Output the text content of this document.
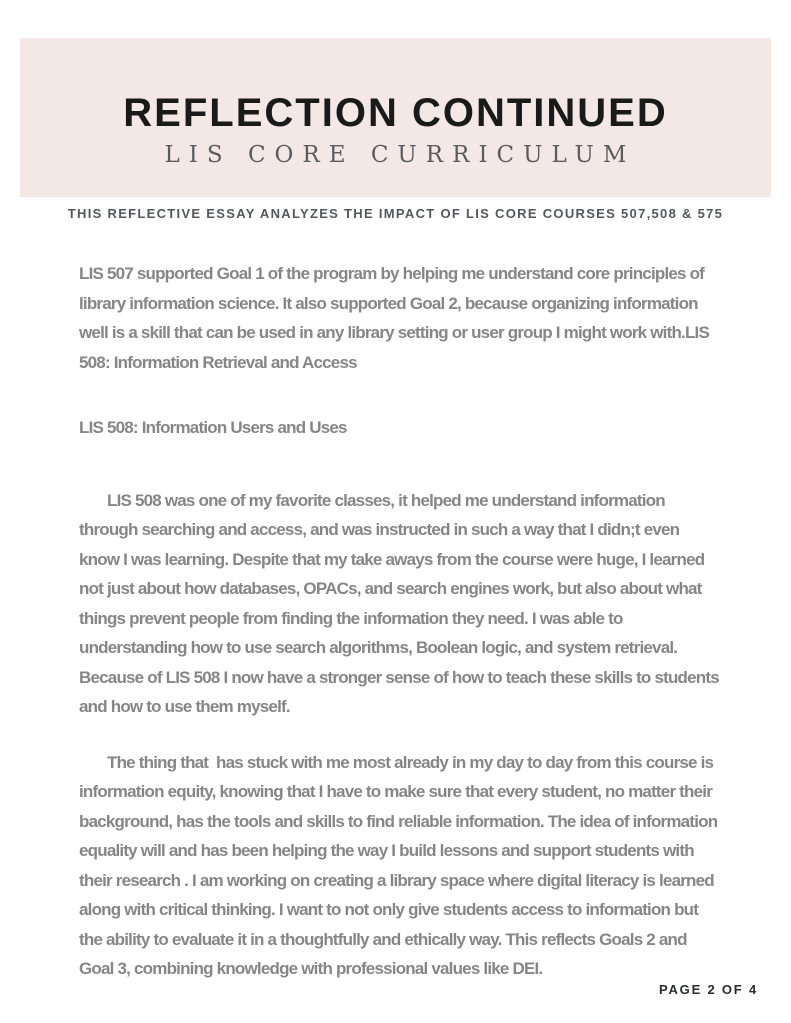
REFLECTION CONTINUED
LIS CORE CURRICULUM

THIS REFLECTIVE ESSAY ANALYZES THE IMPACT OF LIS CORE COURSES 507,508 & 575

LIS 507 supported Goal 1 of the program by helping me understand core principles of library information science. It also supported Goal 2, because organizing information well is a skill that can be used in any library setting or user group I might work with.LIS 508: Information Retrieval and Access

LIS 508: Information Users and Uses

LIS 508 was one of my favorite classes, it helped me understand information through searching and access, and was instructed in such a way that I didn;t even know I was learning. Despite that my take aways from the course were huge, I learned not just about how databases, OPACs, and search engines work, but also about what things prevent people from finding the information they need. I was able to understanding how to use search algorithms, Boolean logic, and system retrieval. Because of LIS 508 I now have a stronger sense of how to teach these skills to students and how to use them myself.

The thing that  has stuck with me most already in my day to day from this course is information equity, knowing that I have to make sure that every student, no matter their background, has the tools and skills to find reliable information. The idea of information equality will and has been helping the way I build lessons and support students with their research . I am working on creating a library space where digital literacy is learned along with critical thinking. I want to not only give students access to information but the ability to evaluate it in a thoughtfully and ethically way. This reflects Goals 2 and Goal 3, combining knowledge with professional values like DEI.

PAGE 2 OF 4
